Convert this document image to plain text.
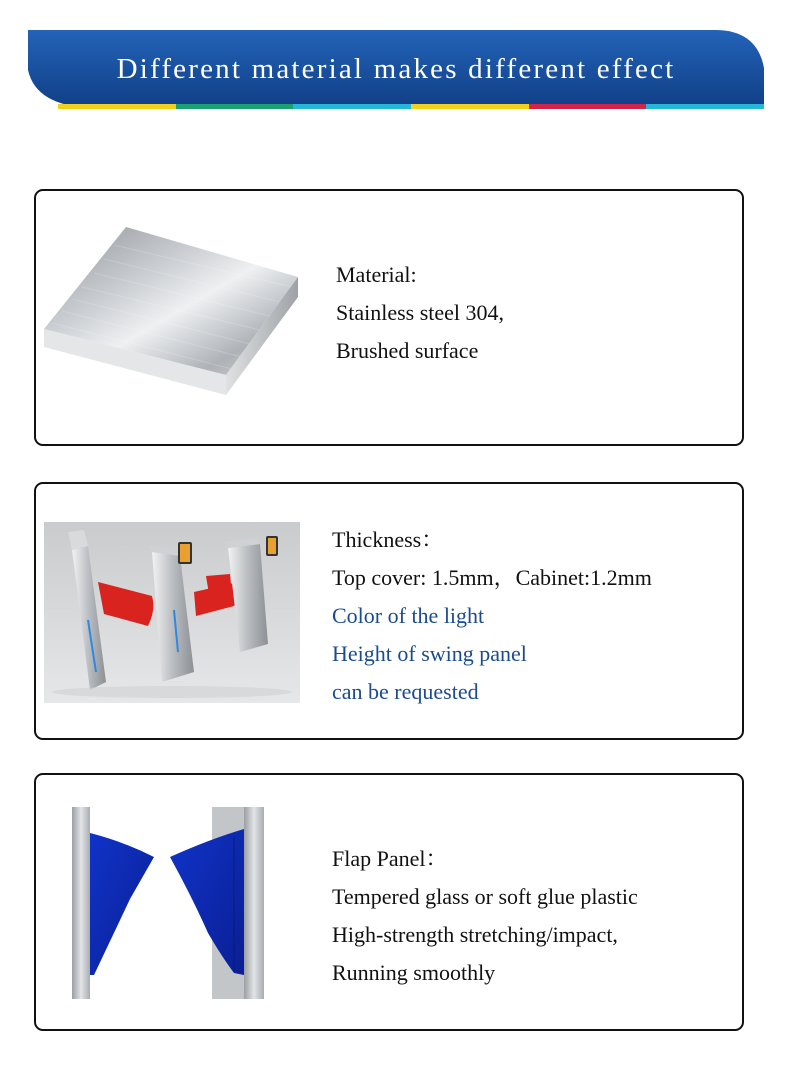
Different material makes different effect
Material:
Stainless steel 304,
Brushed surface
Thickness：
Top cover: 1.5mm，Cabinet:1.2mm
Color of the light
Height of swing panel
can be requested
Flap Panel：
Tempered glass or soft glue plastic
High-strength stretching/impact,
Running smoothly
